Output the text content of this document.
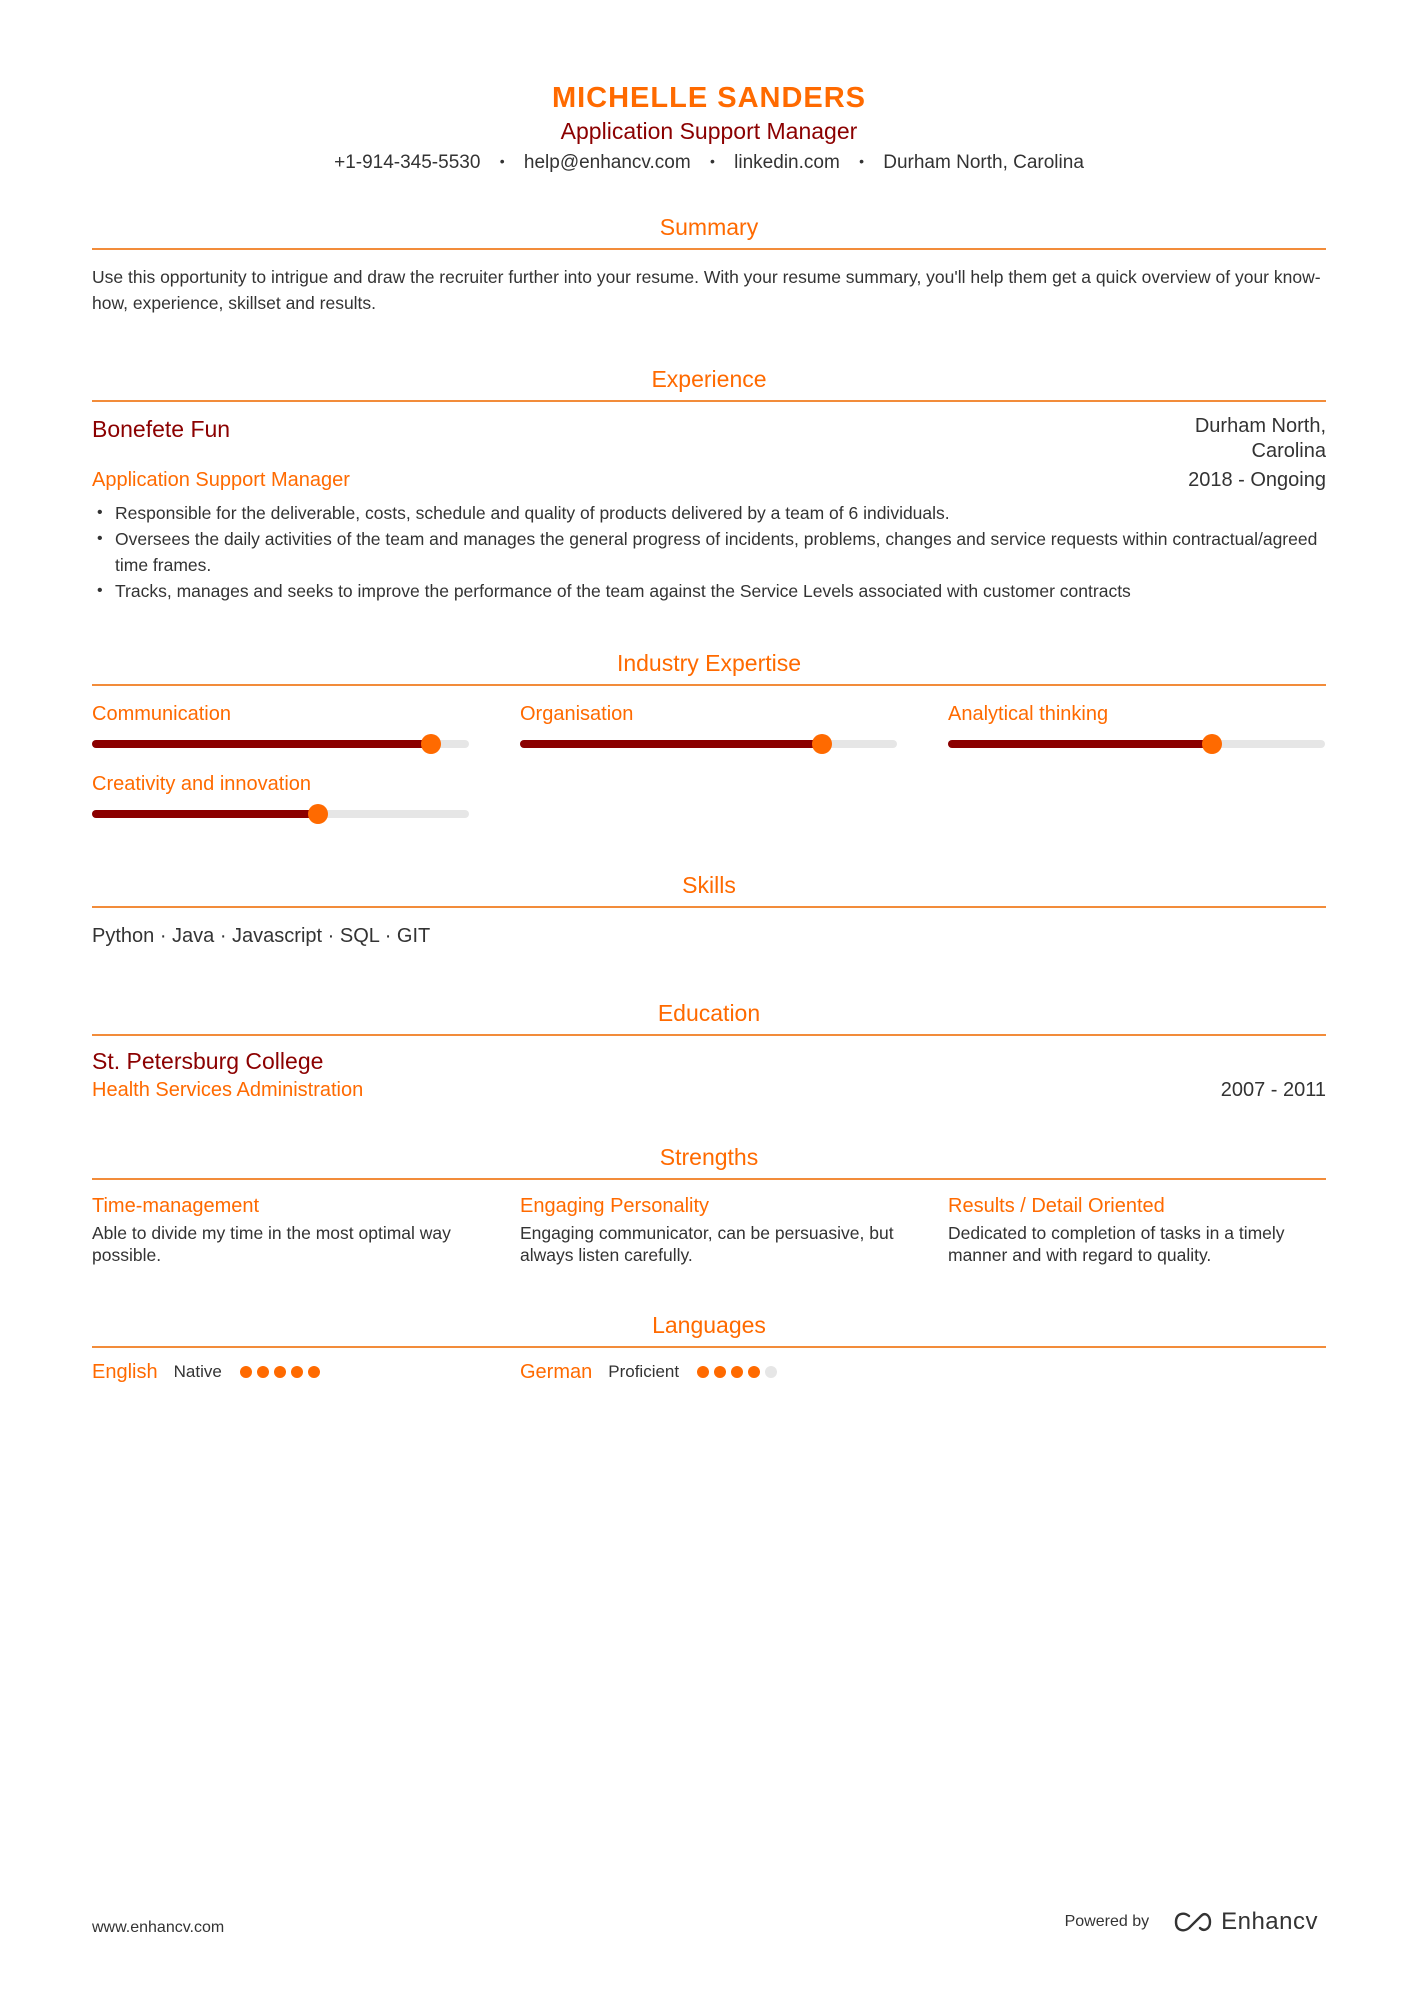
MICHELLE SANDERS
Application Support Manager
+1-914-345-5530 • help@enhancv.com • linkedin.com • Durham North, Carolina
Summary
Use this opportunity to intrigue and draw the recruiter further into your resume. With your resume summary, you'll help them get a quick overview of your know-how, experience, skillset and results.
Experience
Bonefete Fun	Durham North, Carolina
Application Support Manager	2018 - Ongoing
• Responsible for the deliverable, costs, schedule and quality of products delivered by a team of 6 individuals.
• Oversees the daily activities of the team and manages the general progress of incidents, problems, changes and service requests within contractual/agreed time frames.
• Tracks, manages and seeks to improve the performance of the team against the Service Levels associated with customer contracts
Industry Expertise
Communication	Organisation	Analytical thinking
Creativity and innovation
Skills
Python · Java · Javascript · SQL · GIT
Education
St. Petersburg College
Health Services Administration	2007 - 2011
Strengths
Time-management
Able to divide my time in the most optimal way possible.
Engaging Personality
Engaging communicator, can be persuasive, but always listen carefully.
Results / Detail Oriented
Dedicated to completion of tasks in a timely manner and with regard to quality.
Languages
English Native	German Proficient
www.enhancv.com	Powered by	Enhancv
